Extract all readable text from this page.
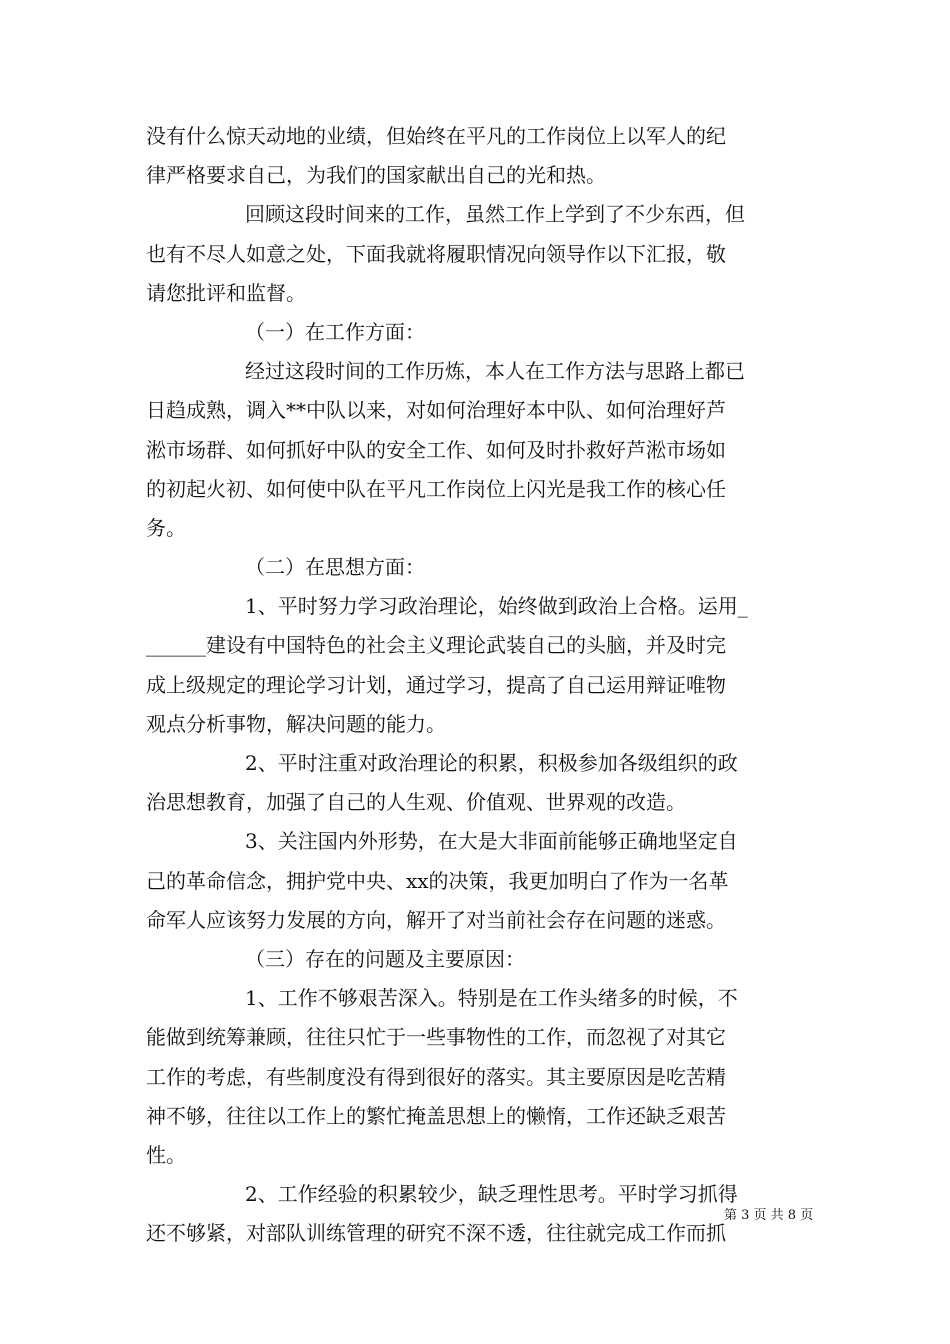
没有什么惊天动地的业绩，但始终在平凡的工作岗位上以军人的纪
律严格要求自己，为我们的国家献出自己的光和热。
回顾这段时间来的工作，虽然工作上学到了不少东西，但
也有不尽人如意之处，下面我就将履职情况向领导作以下汇报，敬
请您批评和监督。
（一）在工作方面：
经过这段时间的工作历炼，本人在工作方法与思路上都已
日趋成熟，调入**中队以来，对如何治理好本中队、如何治理好芦
淞市场群、如何抓好中队的安全工作、如何及时扑救好芦淞市场如
的初起火初、如何使中队在平凡工作岗位上闪光是我工作的核心任
务。
（二）在思想方面：
1、平时努力学习政治理论，始终做到政治上合格。运用_
______建设有中国特色的社会主义理论武装自己的头脑，并及时完
成上级规定的理论学习计划，通过学习，提高了自己运用辩证唯物
观点分析事物，解决问题的能力。
2、平时注重对政治理论的积累，积极参加各级组织的政
治思想教育，加强了自己的人生观、价值观、世界观的改造。
3、关注国内外形势，在大是大非面前能够正确地坚定自
己的革命信念，拥护党中央、xx的决策，我更加明白了作为一名革
命军人应该努力发展的方向，解开了对当前社会存在问题的迷惑。
（三）存在的问题及主要原因：
1、工作不够艰苦深入。特别是在工作头绪多的时候，不
能做到统筹兼顾，往往只忙于一些事物性的工作，而忽视了对其它
工作的考虑，有些制度没有得到很好的落实。其主要原因是吃苦精
神不够，往往以工作上的繁忙掩盖思想上的懒惰，工作还缺乏艰苦
性。
2、工作经验的积累较少，缺乏理性思考。平时学习抓得
还不够紧，对部队训练管理的研究不深不透，往往就完成工作而抓
第 3 页 共 8 页
